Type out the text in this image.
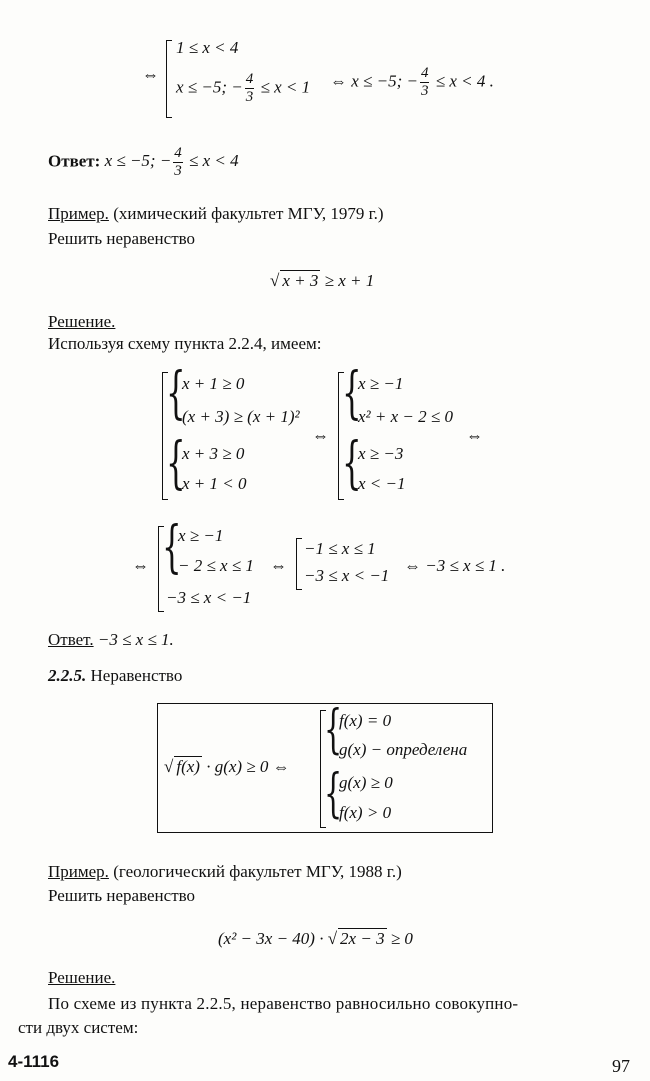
⇔
1 ≤ x < 4
x ≤ −5; − $\frac{4}{3} \le x < 1$ ⇔ x ≤ −5; − $\frac{4}{3} \le x < 4$ .
Ответ: x ≤ −5; − $\frac{4}{3} \le x < 4$
Пример. (химический факультет МГУ, 1979 г.)
Решить неравенство
√ x + 3 ≥ x + 1
Решение.
Используя схему пункта 2.2.4, имеем:
{
{
x + 1 ≥ 0
(x + 3) ≥ (x + 1)²
x + 3 ≥ 0
x + 1 < 0
⇔
{
{
x ≥ −1
x² + x − 2 ≤ 0
x ≥ −3
x < −1
⇔
⇔ {
x ≥ −1
− 2 ≤ x ≤ 1
−3 ≤ x < −1
⇔
−1 ≤ x ≤ 1
−3 ≤ x < −1
⇔ −3 ≤ x ≤ 1 .
Ответ. −3 ≤ x ≤ 1.
2.2.5. Неравенство
√ f(x) · g(x) ≥ 0 ⇔
{
{
f(x) = 0
g(x) − определена
g(x) ≥ 0
f(x) > 0
Пример. (геологический факультет МГУ, 1988 г.)
Решить неравенство
(x² − 3x − 40) · √ 2x − 3 ≥ 0
Решение.
По схеме из пункта 2.2.5, неравенство равносильно совокупно-
сти двух систем:
4-1116	97
